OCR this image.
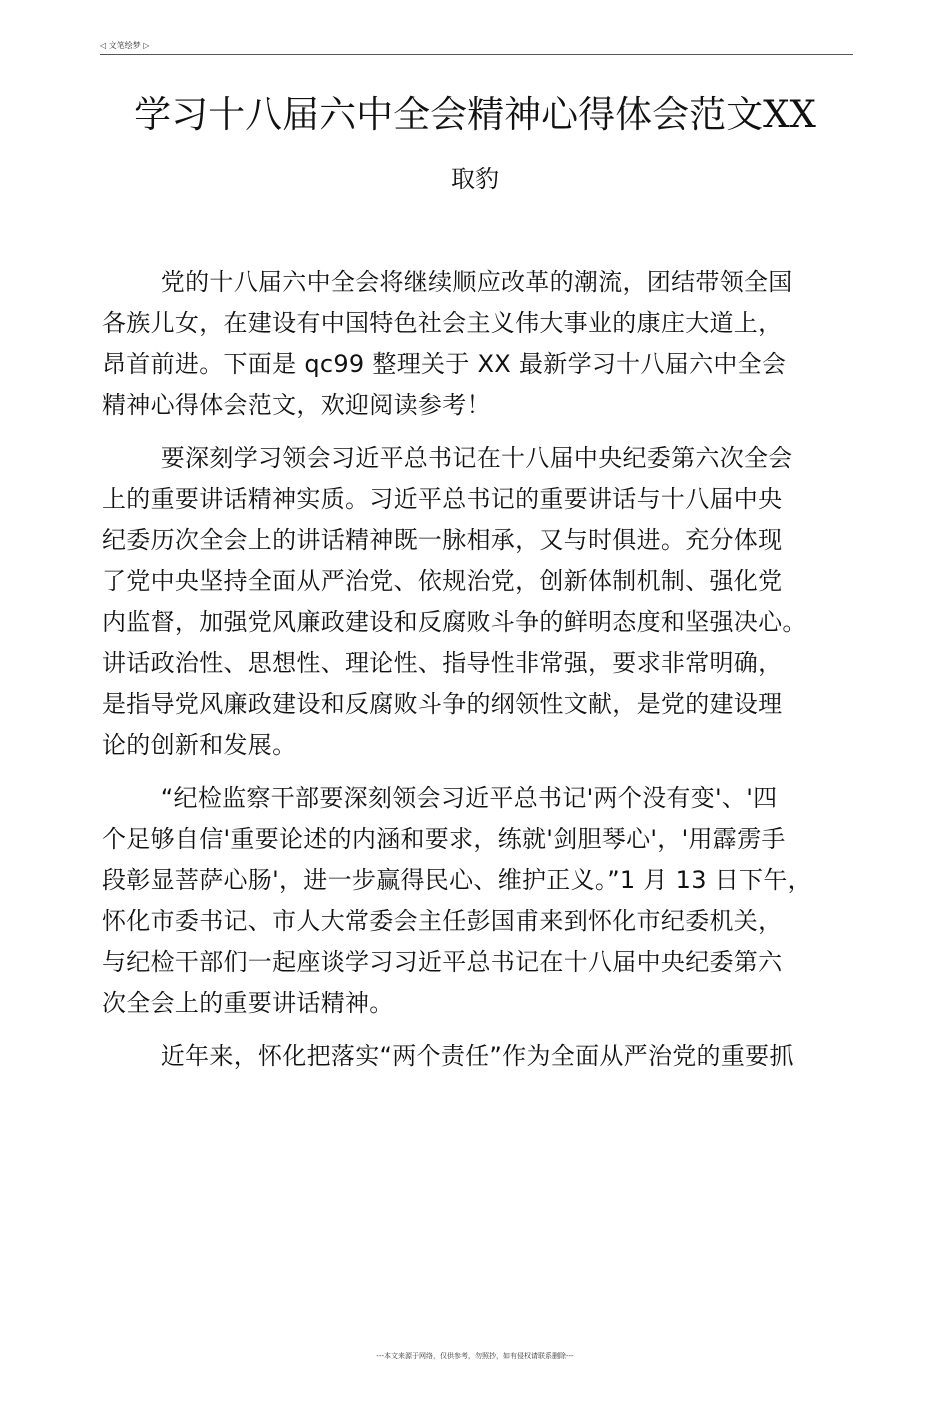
◁ 文笔绘梦 ▷
学习十八届六中全会精神心得体会范文XX
取豹

党的十八届六中全会将继续顺应改革的潮流，团结带领全国
各族儿女，在建设有中国特色社会主义伟大事业的康庄大道上，
昂首前进。下面是 qc99 整理关于 XX 最新学习十八届六中全会
精神心得体会范文，欢迎阅读参考！

要深刻学习领会习近平总书记在十八届中央纪委第六次全会
上的重要讲话精神实质。习近平总书记的重要讲话与十八届中央
纪委历次全会上的讲话精神既一脉相承，又与时俱进。充分体现
了党中央坚持全面从严治党、依规治党，创新体制机制、强化党
内监督，加强党风廉政建设和反腐败斗争的鲜明态度和坚强决心。
讲话政治性、思想性、理论性、指导性非常强，要求非常明确，
是指导党风廉政建设和反腐败斗争的纲领性文献，是党的建设理
论的创新和发展。

“纪检监察干部要深刻领会习近平总书记'两个没有变'、'四
个足够自信'重要论述的内涵和要求，练就'剑胆琴心'，'用霹雳手
段彰显菩萨心肠'，进一步赢得民心、维护正义。”1 月 13 日下午，
怀化市委书记、市人大常委会主任彭国甫来到怀化市纪委机关，
与纪检干部们一起座谈学习习近平总书记在十八届中央纪委第六
次全会上的重要讲话精神。

近年来，怀化把落实“两个责任”作为全面从严治党的重要抓

---本文来源于网络，仅供参考，勿照抄，如有侵权请联系删除---
